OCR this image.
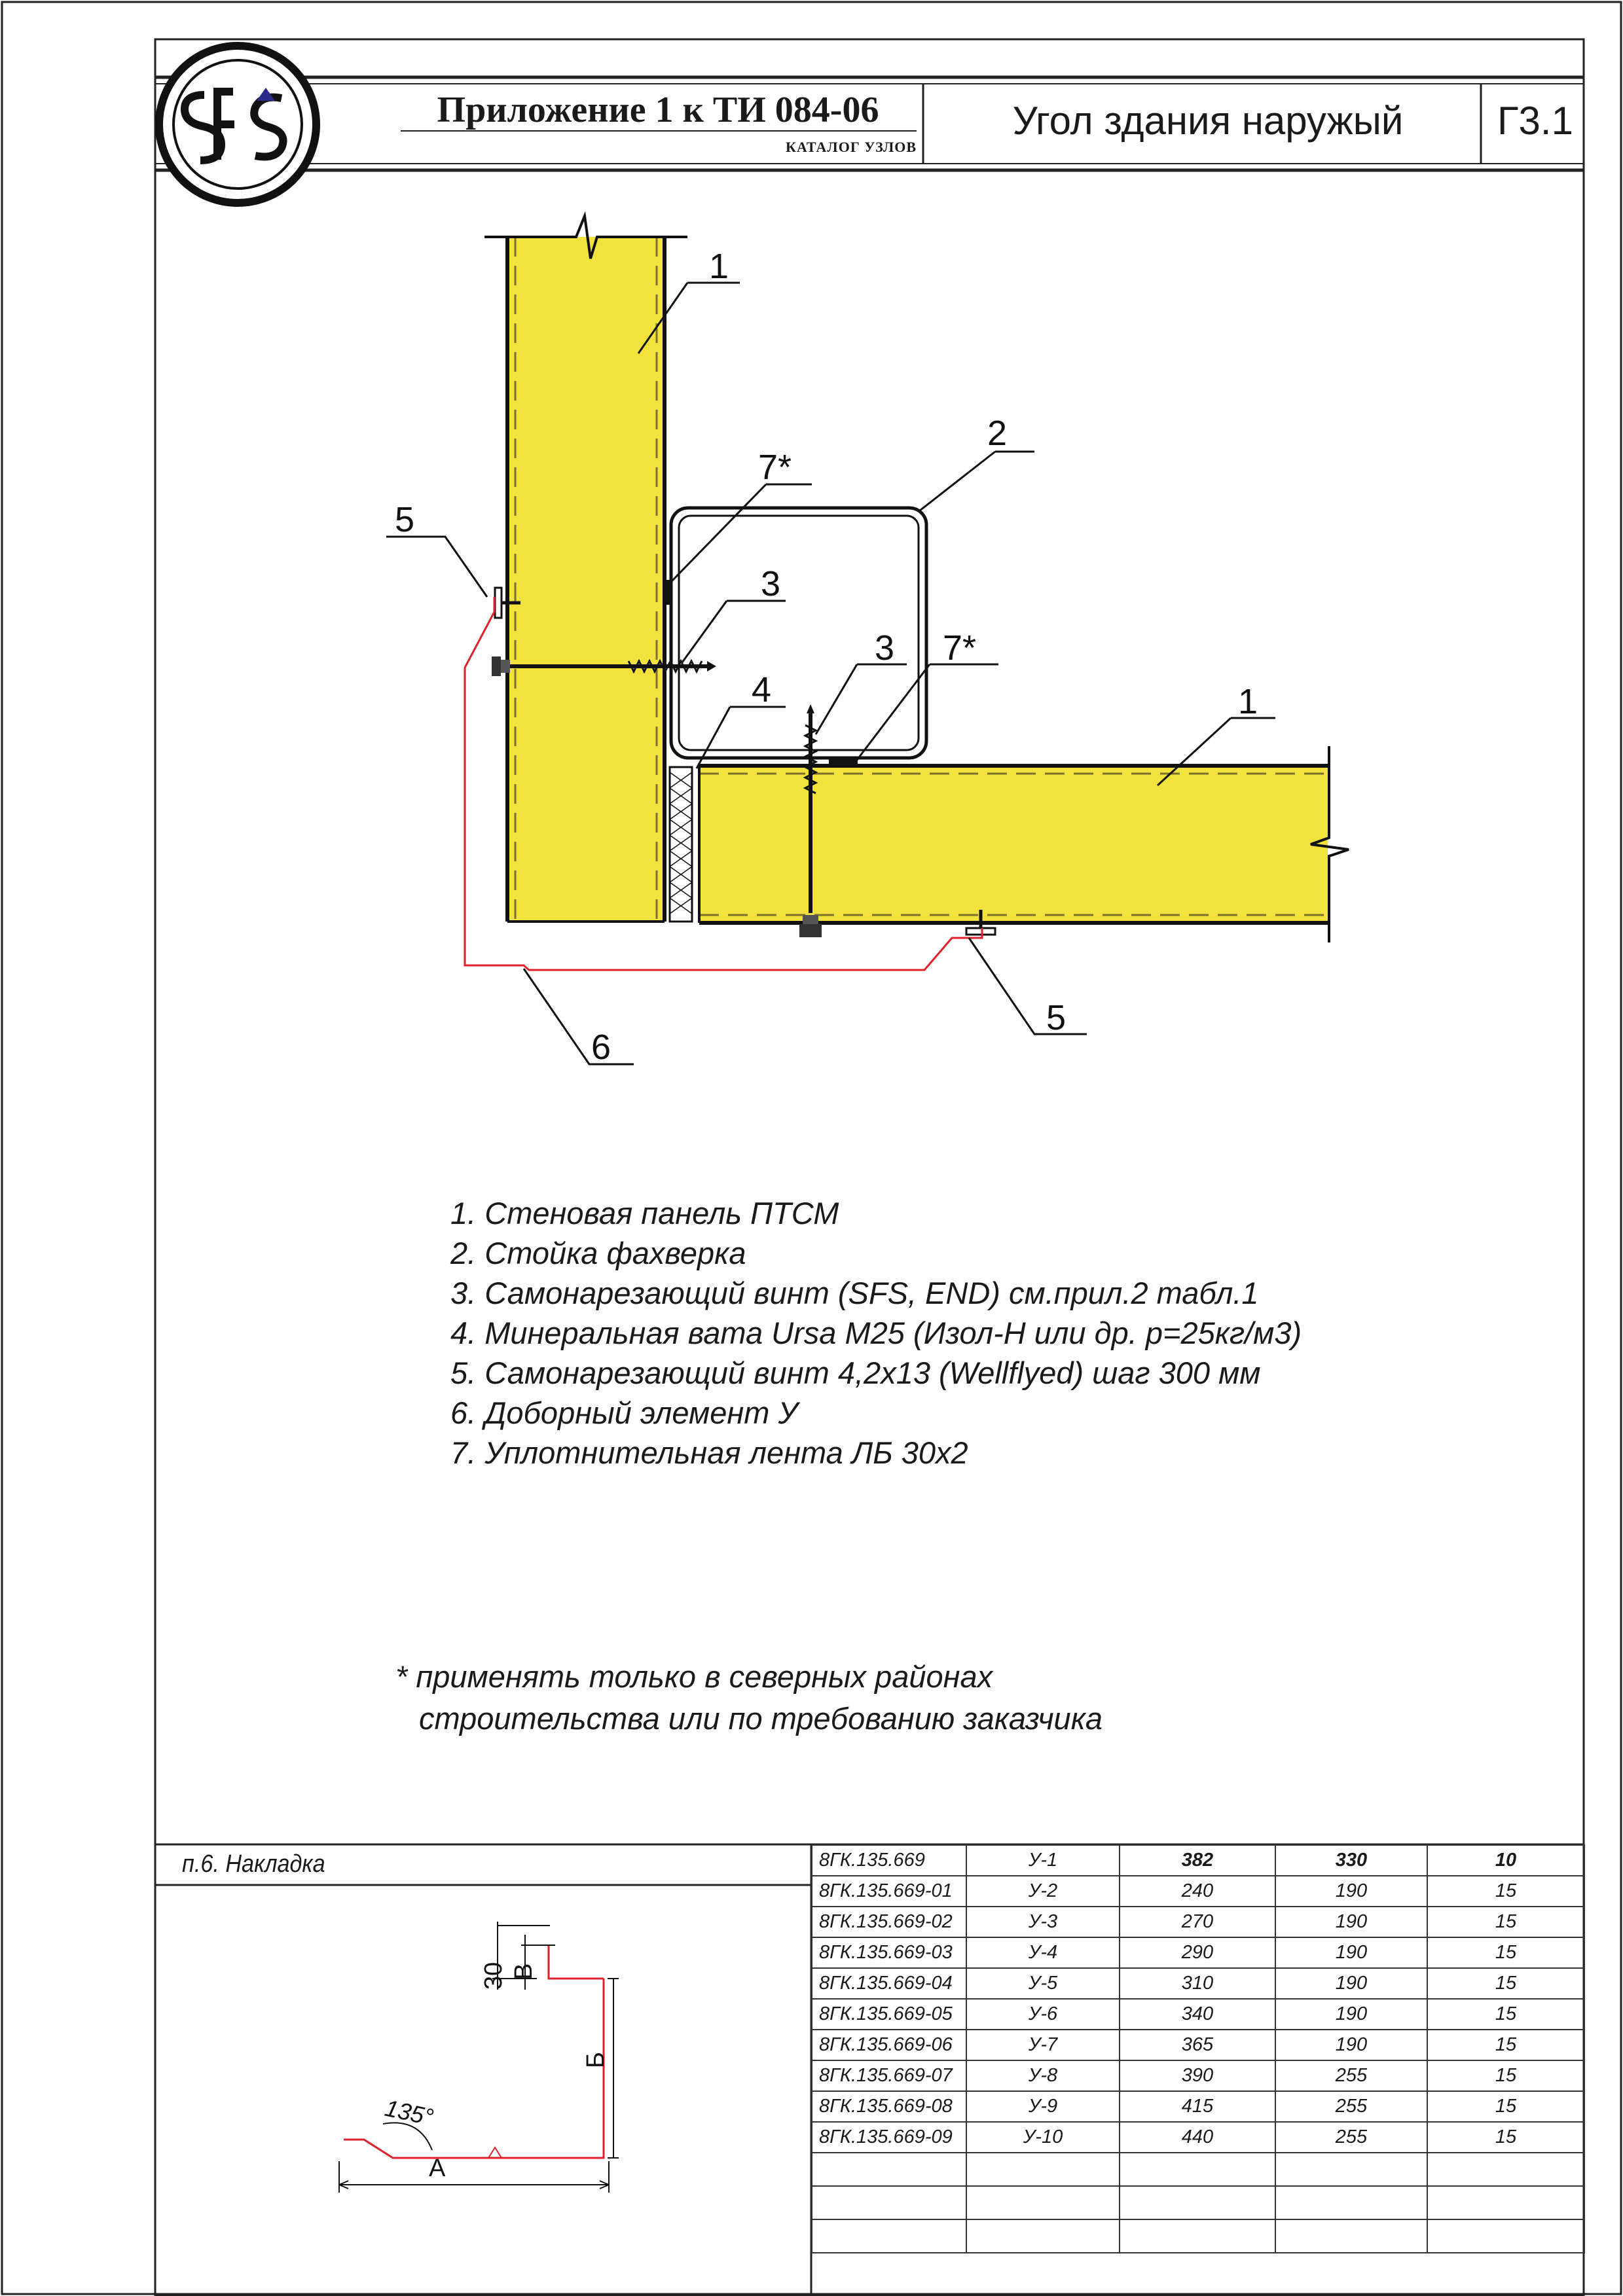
1
2
7*
5
3
4
3 7*
1
5
6
А
Б
В
30
135°
Приложение 1 к ТИ 084-06
КАТАЛОГ УЗЛОВ
Угол здания наружый	Г3.1
1. Стеновая панель ПТСМ
2. Стойка фахверка
3. Самонарезающий винт (SFS, END) см.прил.2 табл.1
4. Минеральная вата Ursa M25 (Изол-Н или др. p=25кг/м3)
5. Самонарезающий винт 4,2х13 (Wellflyed) шаг 300 мм
6. Доборный элемент У
7. Уплотнительная лента ЛБ 30х2
* применять только в северных районах
строительства или по требованию заказчика
п.6. Накладка	8ГК.135.669	У-1	382	330	10
8ГК.135.669-01	У-2	240	190	15
8ГК.135.669-02	У-3	270	190	15
8ГК.135.669-03	У-4	290	190	15
8ГК.135.669-04	У-5	310	190	15
8ГК.135.669-05	У-6	340	190	15
8ГК.135.669-06	У-7	365	190	15
8ГК.135.669-07	У-8	390	255	15
8ГК.135.669-08	У-9	415	255	15
8ГК.135.669-09	У-10	440	255	15
